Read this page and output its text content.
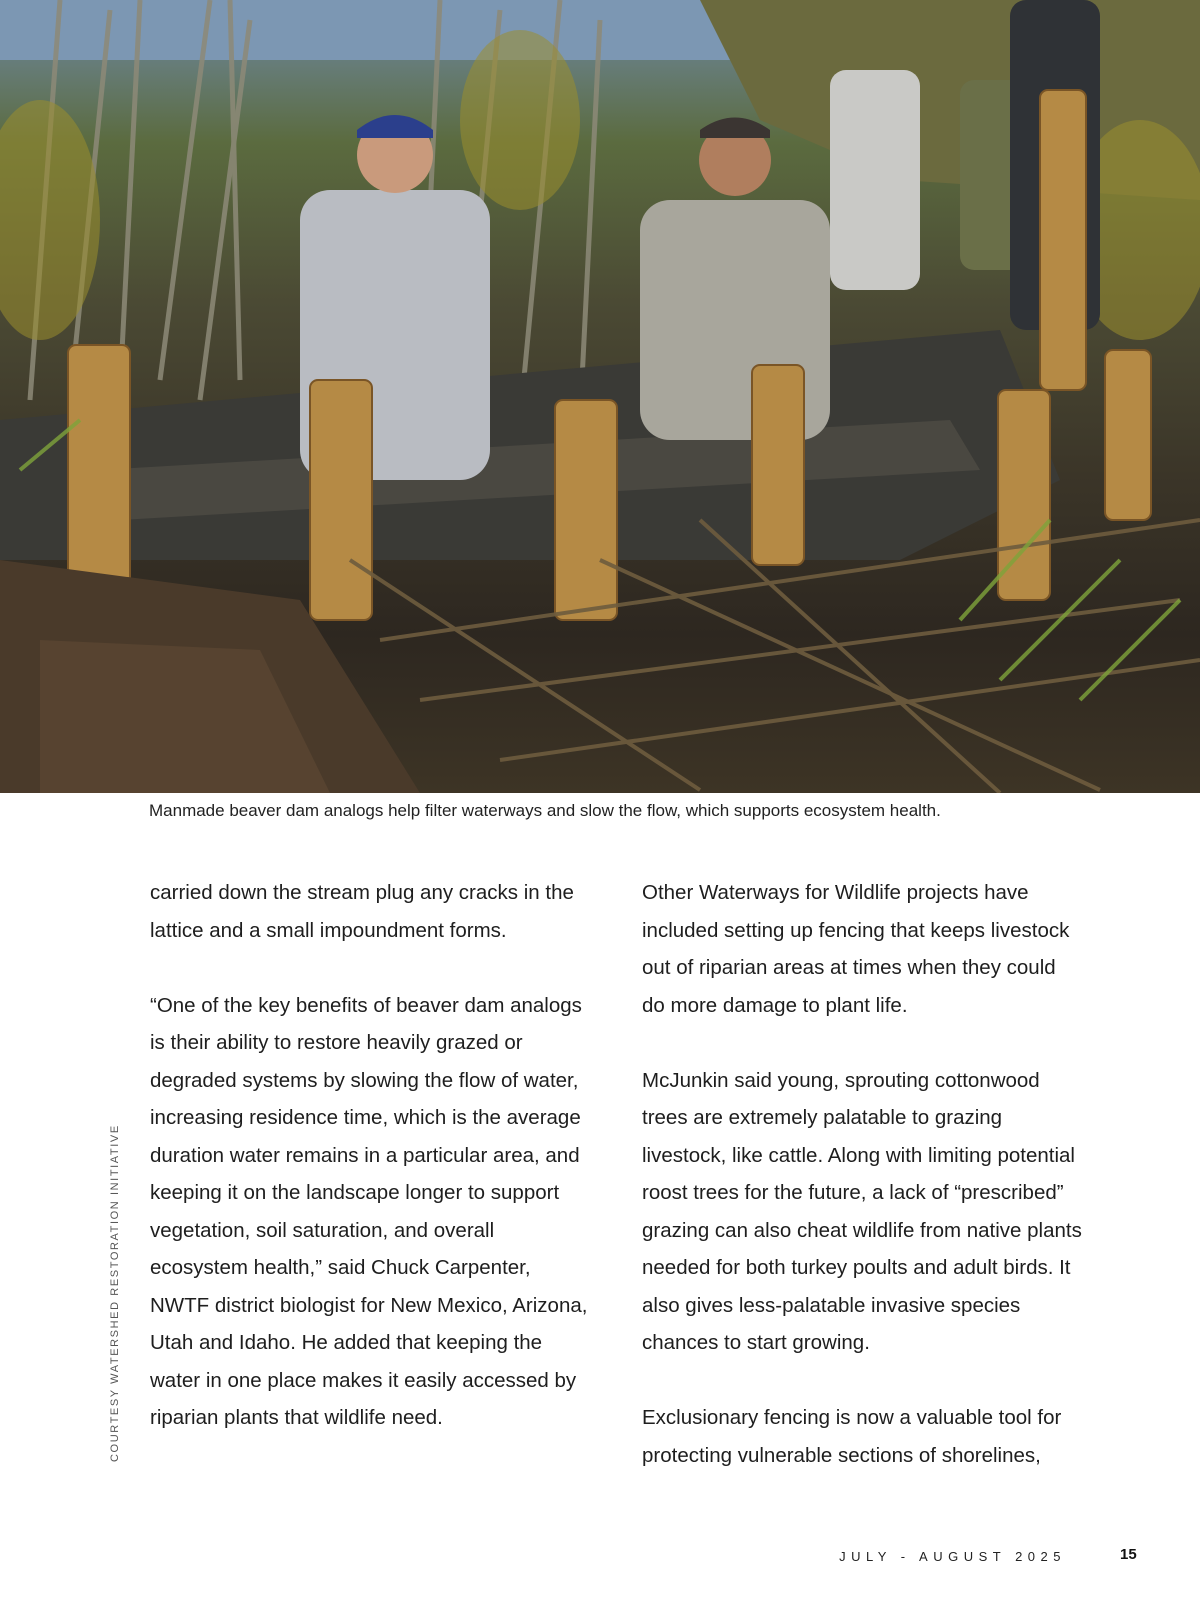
Manmade beaver dam analogs help filter waterways and slow the flow, which supports ecosystem health.
COURTESY WATERSHED RESTORATION INITIATIVE

carried down the stream plug any cracks in the lattice and a small impoundment forms.

“One of the key benefits of beaver dam analogs is their ability to restore heavily grazed or degraded systems by slowing the flow of water, increasing residence time, which is the average duration water remains in a particular area, and keeping it on the landscape longer to support vegetation, soil saturation, and overall ecosystem health,” said Chuck Carpenter, NWTF district biologist for New Mexico, Arizona, Utah and Idaho. He added that keeping the water in one place makes it easily accessed by riparian plants that wildlife need.

Other Waterways for Wildlife projects have included setting up fencing that keeps livestock out of riparian areas at times when they could do more damage to plant life.

McJunkin said young, sprouting cottonwood trees are extremely palatable to grazing livestock, like cattle. Along with limiting potential roost trees for the future, a lack of “prescribed” grazing can also cheat wildlife from native plants needed for both turkey poults and adult birds. It also gives less-palatable invasive species chances to start growing.

Exclusionary fencing is now a valuable tool for protecting vulnerable sections of shorelines,

JULY - AUGUST 2025	15
